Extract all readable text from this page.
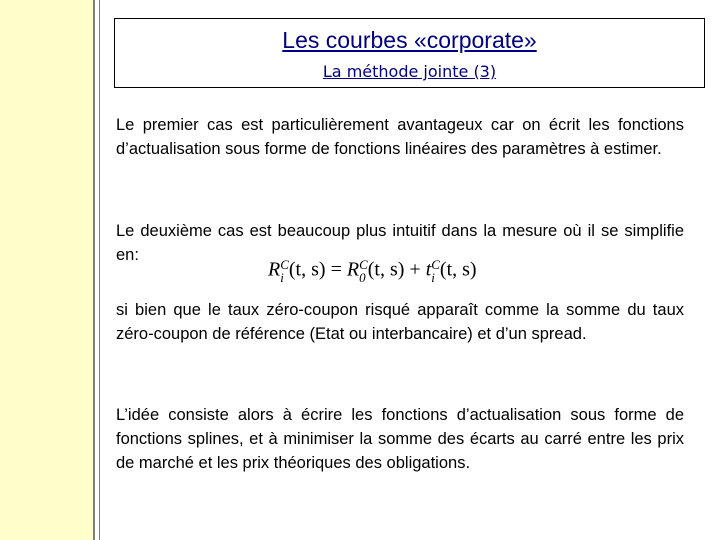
Les courbes «corporate»
La méthode jointe (3)
Le premier cas est particulièrement avantageux car on écrit les fonctions d’actualisation sous forme de fonctions linéaires des paramètres à estimer.
Le deuxième cas est beaucoup plus intuitif dans la mesure où il se simplifie en:
R C
i (t, s) = R C
0 (t, s) + t C
i (t, s)
si bien que le taux zéro-coupon risqué apparaît comme la somme du taux zéro-coupon de référence (Etat ou interbancaire) et d’un spread.
L’idée consiste alors à écrire les fonctions d’actualisation sous forme de fonctions splines, et à minimiser la somme des écarts au carré entre les prix de marché et les prix théoriques des obligations.
